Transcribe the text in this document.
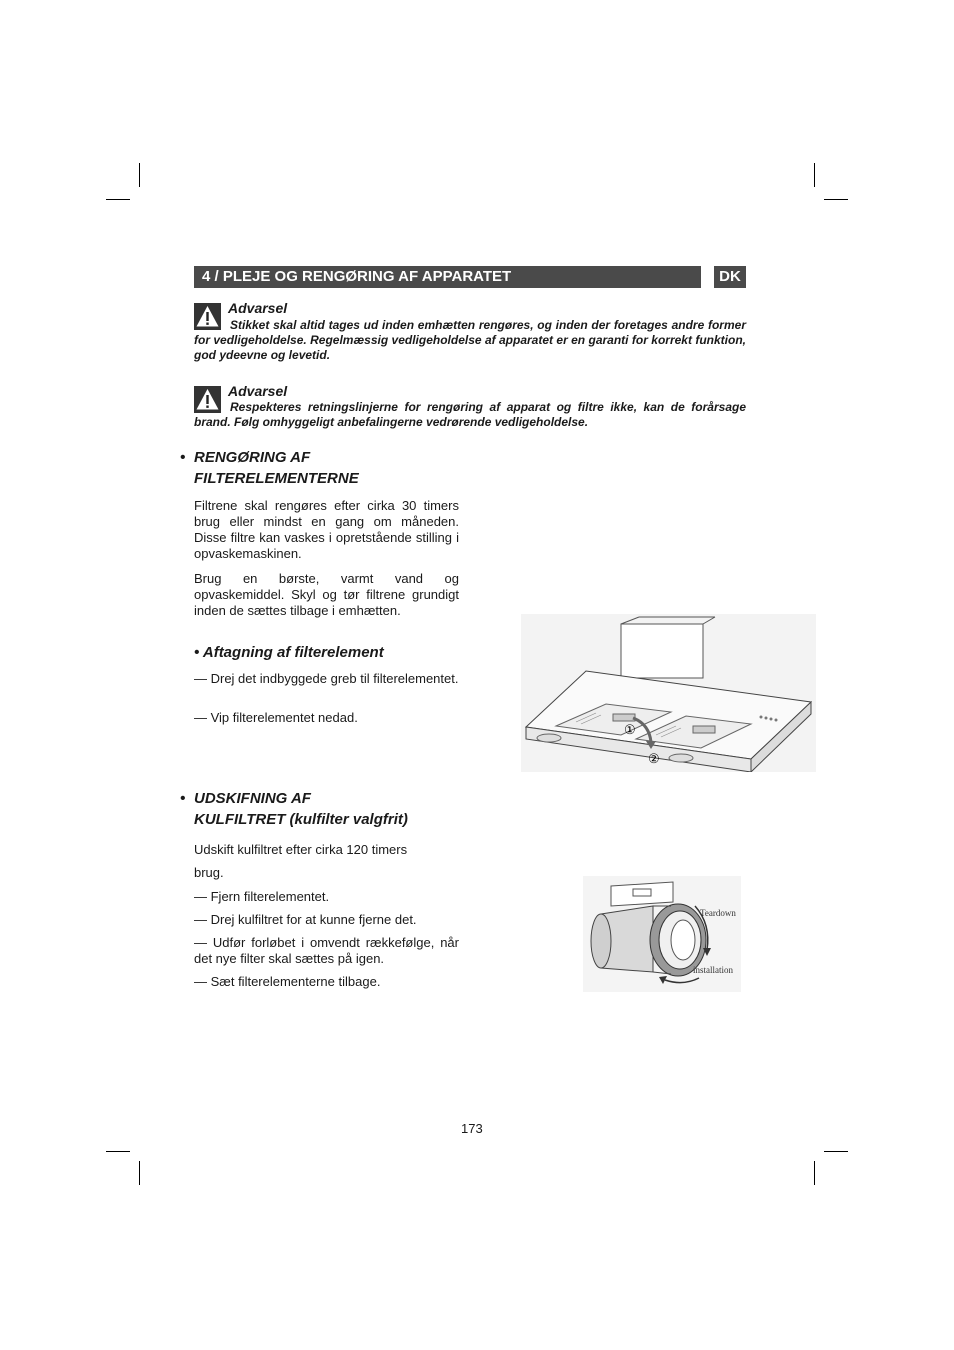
4 / PLEJE OG RENGØRING AF APPARATET	DK
Advarsel

Stikket skal altid tages ud inden emhætten rengøres, og inden der foretages andre former for vedligeholdelse. Regelmæssig vedligeholdelse af apparatet er en garanti for korrekt funktion, god ydeevne og levetid.

Advarsel

Respekteres retningslinjerne for rengøring af apparat og filtre ikke, kan de forårsage brand. Følg omhyggeligt anbefalingerne vedrørende vedligeholdelse.

• RENGØRING AF
FILTERELEMENTERNE

Filtrene skal rengøres efter cirka 30 timers brug eller mindst en gang om måneden. Disse filtre kan vaskes i opretstående stilling i opvaskemaskinen.

Brug en børste, varmt vand og opvaskemiddel. Skyl og tør filtrene grundigt inden de sættes tilbage i emhætten.

• Aftagning af filterelement

— Drej det indbyggede greb til filterelementet.

— Vip filterelementet nedad.

①
②
• UDSKIFNING AF
KULFILTRET (kulfilter valgfrit)

Udskift kulfiltret efter cirka 120 timers

brug.

— Fjern filterelementet.

— Drej kulfiltret for at kunne fjerne det.

— Udfør forløbet i omvendt rækkefølge, når det nye filter skal sættes på igen.

— Sæt filterelementerne tilbage.

Teardown
installation
173
